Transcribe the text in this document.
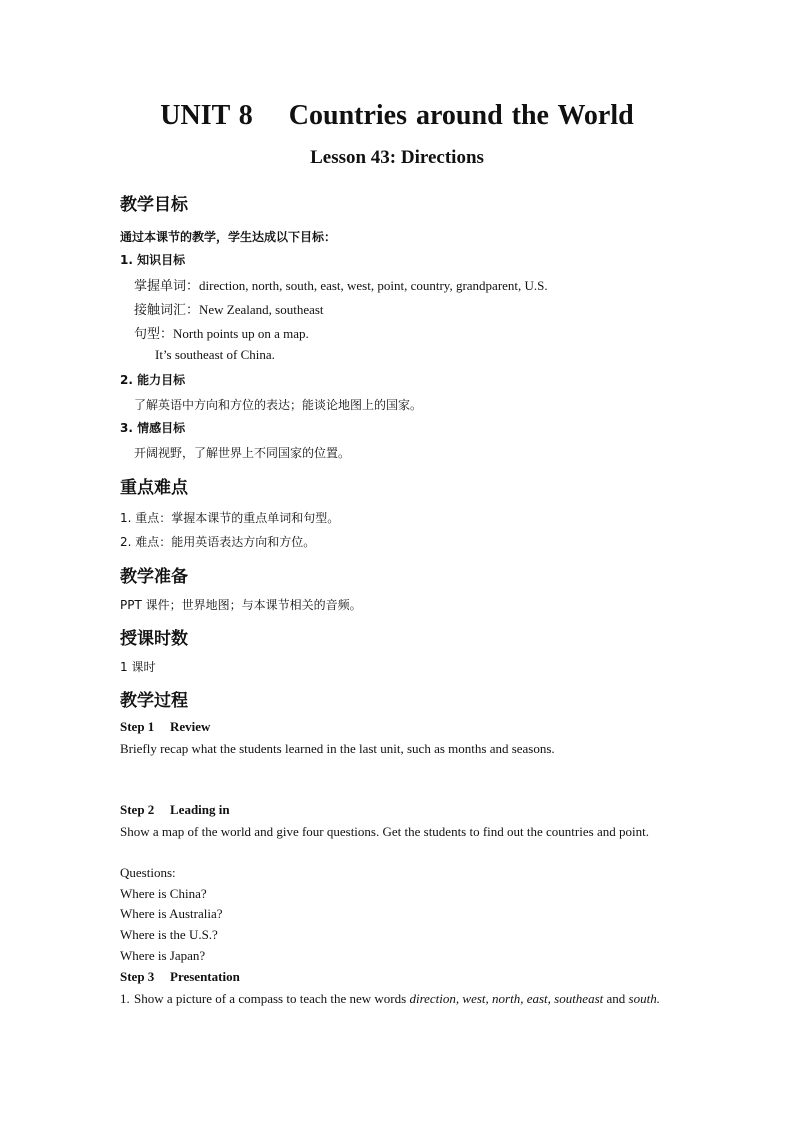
UNIT 8    Countries around the World
Lesson 43: Directions
教学目标
通过本课节的教学，学生达成以下目标：
1. 知识目标
掌握单词：direction, north, south, east, west, point, country, grandparent, U.S.
接触词汇：New Zealand, southeast
句型：North points up on a map.
It’s southeast of China.
2. 能力目标
了解英语中方向和方位的表达；能谈论地图上的国家。
3. 情感目标
开阔视野，了解世界上不同国家的位置。
重点难点
1. 重点：掌握本课节的重点单词和句型。
2. 难点：能用英语表达方向和方位。
教学准备
PPT 课件；世界地图；与本课节相关的音频。
授课时数
1 课时
教学过程
Step 1 Review
Briefly recap what the students learned in the last unit, such as months and seasons.
Step 2 Leading in
Show a map of the world and give four questions. Get the students to find out the countries and point.
Questions:
Where is China?
Where is Australia?
Where is the U.S.?
Where is Japan?
Step 3 Presentation
1. Show a picture of a compass to teach the new words direction, west, north, east, southeast and south.
